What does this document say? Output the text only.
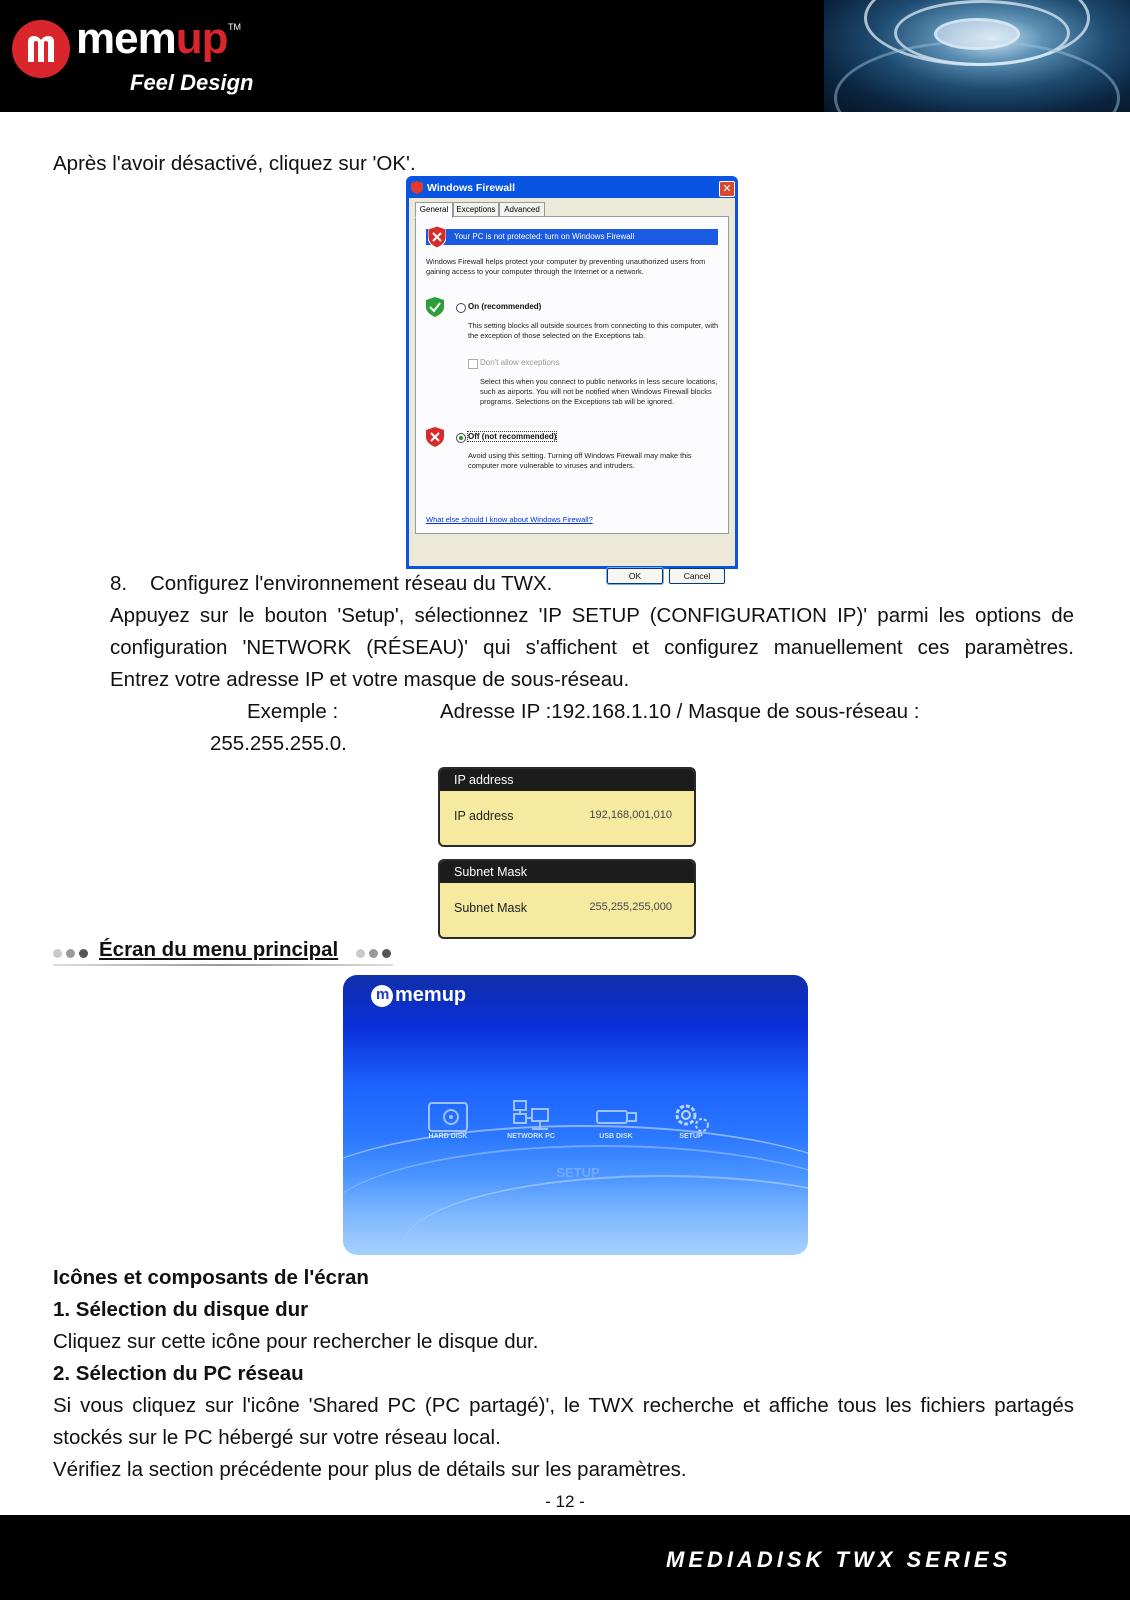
memup TM
Feel Design
Après l'avoir désactivé, cliquez sur 'OK'.
Windows Firewall	✕
General	Exceptions	Advanced
Your PC is not protected: turn on Windows Firewall
Windows Firewall helps protect your computer by preventing unauthorized users from gaining access to your computer through the Internet or a network.
On (recommended)
This setting blocks all outside sources from connecting to this computer, with the exception of those selected on the Exceptions tab.
Don't allow exceptions
Select this when you connect to public networks in less secure locations, such as airports. You will not be notified when Windows Firewall blocks programs. Selections on the Exceptions tab will be ignored.
Off (not recommended)
Avoid using this setting. Turning off Windows Firewall may make this computer more vulnerable to viruses and intruders.
What else should I know about Windows Firewall?
OK	Cancel
8. Configurez l'environnement réseau du TWX.
Appuyez sur le bouton 'Setup', sélectionnez 'IP SETUP (CONFIGURATION IP)' parmi les options de configuration 'NETWORK (RÉSEAU)' qui s'affichent et configurez manuellement ces paramètres.
Entrez votre adresse IP et votre masque de sous-réseau.
Exemple :	Adresse IP :192.168.1.10 / Masque de sous-réseau :
255.255.255.0.
IP address
IP address	192,168,001,010
Subnet Mask
Subnet Mask	255,255,255,000
Écran du menu principal
m memup
HARD DISK	NETWORK PC	USB DISK	SETUP
SETUP
Icônes et composants de l'écran
1. Sélection du disque dur
Cliquez sur cette icône pour rechercher le disque dur.
2. Sélection du PC réseau
Si vous cliquez sur l'icône 'Shared PC (PC partagé)', le TWX recherche et affiche tous les fichiers partagés stockés sur le PC hébergé sur votre réseau local.
Vérifiez la section précédente pour plus de détails sur les paramètres.
- 12 -
MEDIADISK TWX SERIES
